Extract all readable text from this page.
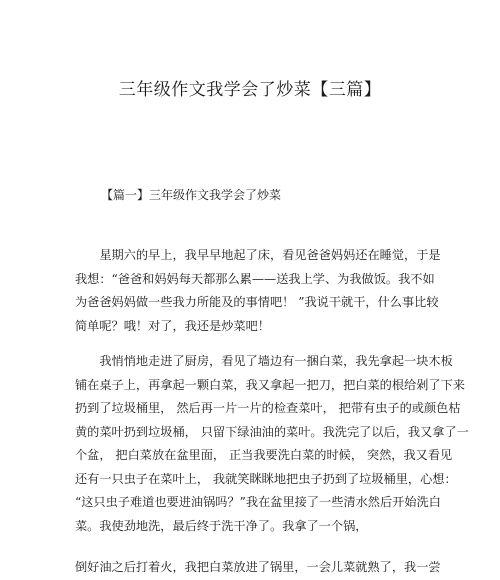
三年级作文我学会了炒菜【三篇】
【篇一】三年级作文我学会了炒菜

　　星期六的早上，我早早地起了床，看见爸爸妈妈还在睡觉，于是
我想：“爸爸和妈妈每天都那么累——送我上学、为我做饭。我不如
为爸爸妈妈做一些我力所能及的事情吧！ ”我说干就干，什么事比较
简单呢？哦！对了，我还是炒菜吧！

　　我悄悄地走进了厨房，看见了墙边有一捆白菜，我先拿起一块木板
铺在桌子上，再拿起一颗白菜，我又拿起一把刀，把白菜的根给剁了下来
扔到了垃圾桶里， 然后再一片一片的检查菜叶， 把带有虫子的或颜色枯
黄的菜叶扔到垃圾桶， 只留下绿油油的菜叶。我洗完了以后，我又拿了一
个盆， 把白菜放在盆里面， 正当我要洗白菜的时候， 突然，我又看见
还有一只虫子在菜叶上， 我就笑眯眯地把虫子扔到了垃圾桶里，心想：
“这只虫子难道也要进油锅吗？”我在盆里接了一些清水然后开始洗白
菜。我使劲地洗，最后终于洗干净了。我拿了一个锅，

倒好油之后打着火，我把白菜放进了锅里，一会儿菜就熟了，我一尝
